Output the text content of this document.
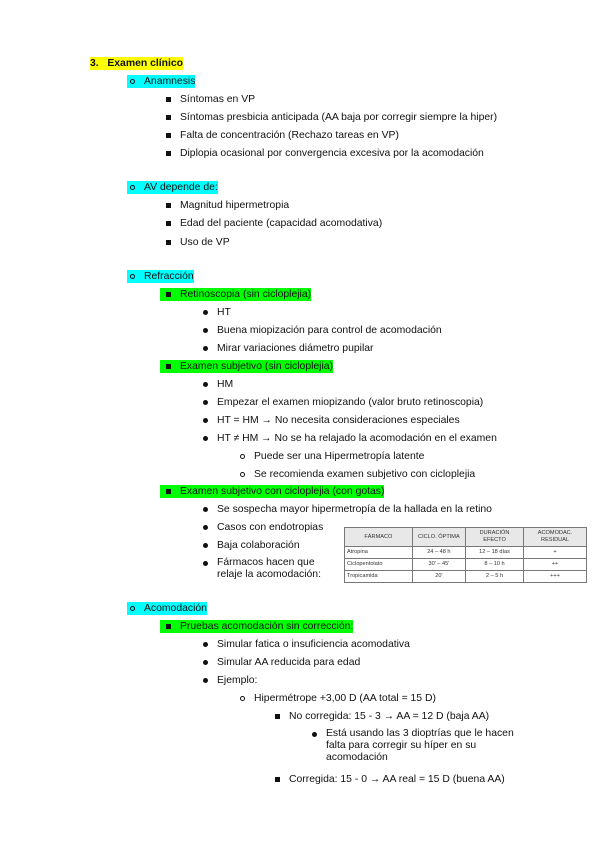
3. Examen clínico
Anamnesis
Síntomas en VP
Síntomas presbicia anticipada (AA baja por corregir siempre la hiper)
Falta de concentración (Rechazo tareas en VP)
Diplopia ocasional por convergencia excesiva por la acomodación
AV depende de:
Magnitud hipermetropia
Edad del paciente (capacidad acomodativa)
Uso de VP
Refracción
Retinoscopia (sin cicloplejia)
HT
Buena miopización para control de acomodación
Mirar variaciones diámetro pupilar
Examen subjetivo (sin cicloplejia)
HM
Empezar el examen miopizando (valor bruto retinoscopia)
HT = HM → No necesita consideraciones especiales
HT ≠ HM → No se ha relajado la acomodación en el examen
Puede ser una Hipermetropía latente
Se recomienda examen subjetivo con cicloplejia
Examen subjetivo con cicloplejia (con gotas)
Se sospecha mayor hipermetropía de la hallada en la retino
Casos con endotropias
Baja colaboración
Fármacos hacen que relaje la acomodación:
FÁRMACO	CICLO. ÓPTIMA	DURACIÓN EFECTO	ACOMODAC. RESIDUAL
Atropina	24 – 48 h	12 – 18 días	+
Ciclopentolato	30' – 45'	8 – 10 h	++
Tropicamida	20'	2 – 5 h	+++
Acomodación
Pruebas acomodación sin corrección:
Simular fatica o insuficiencia acomodativa
Simular AA reducida para edad
Ejemplo:
Hipermétrope +3,00 D (AA total = 15 D)
No corregida: 15 - 3 → AA = 12 D (baja AA)
Está usando las 3 dioptrías que le hacen falta para corregir su híper en su acomodación
Corregida: 15 - 0 → AA real = 15 D (buena AA)
